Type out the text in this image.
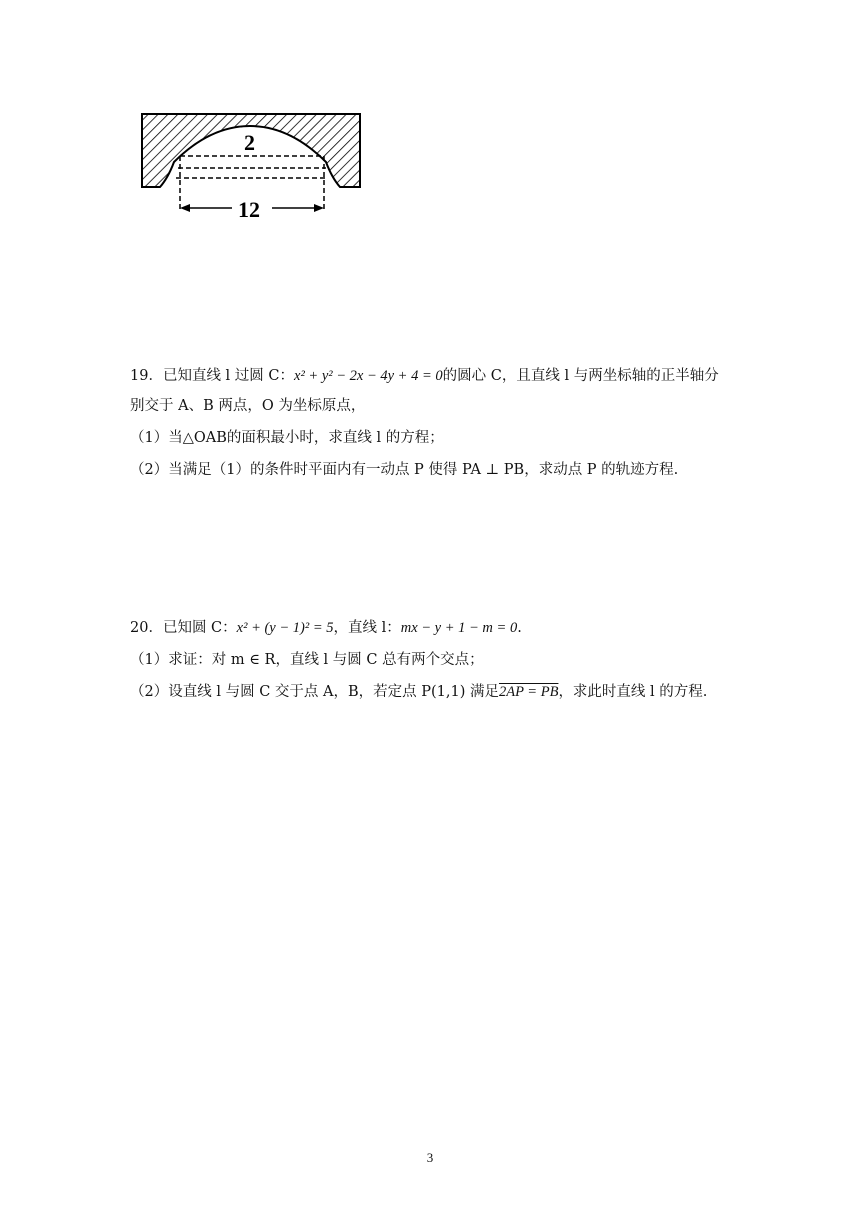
2
12
19．已知直线 l 过圆 C：x² + y² − 2x − 4y + 4 = 0的圆心 C，且直线 l 与两坐标轴的正半轴分
别交于 A、B 两点，O 为坐标原点，
（1）当△OAB的面积最小时，求直线 l 的方程；
（2）当满足（1）的条件时平面内有一动点 P 使得 PA ⊥ PB，求动点 P 的轨迹方程.
20．已知圆 C：x² + (y − 1)² = 5，直线 l：mx − y + 1 − m = 0.
（1）求证：对 m ∈ R，直线 l 与圆 C 总有两个交点；
（2）设直线 l 与圆 C 交于点 A，B，若定点 P(1,1) 满足2AP = PB，求此时直线 l 的方程.
3
